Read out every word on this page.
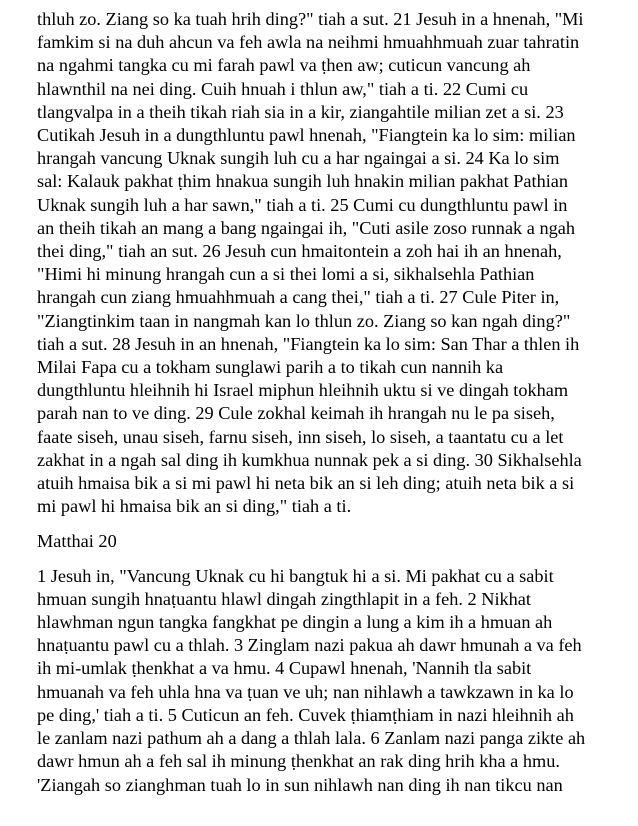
thluh zo. Ziang so ka tuah hrih ding?" tiah a sut. 21 Jesuh in a hnenah, "Mi
famkim si na duh ahcun va feh awla na neihmi hmuahhmuah zuar tahratin
na ngahmi tangka cu mi farah pawl va ṭhen aw; cuticun vancung ah
hlawnthil na nei ding. Cuih hnuah i thlun aw," tiah a ti. 22 Cumi cu
tlangvalpa in a theih tikah riah sia in a kir, ziangahtile milian zet a si. 23
Cutikah Jesuh in a dungthluntu pawl hnenah, "Fiangtein ka lo sim: milian
hrangah vancung Uknak sungih luh cu a har ngaingai a si. 24 Ka lo sim
sal: Kalauk pakhat ṭhim hnakua sungih luh hnakin milian pakhat Pathian
Uknak sungih luh a har sawn," tiah a ti. 25 Cumi cu dungthluntu pawl in
an theih tikah an mang a bang ngaingai ih, "Cuti asile zoso runnak a ngah
thei ding," tiah an sut. 26 Jesuh cun hmaitontein a zoh hai ih an hnenah,
"Himi hi minung hrangah cun a si thei lomi a si, sikhalsehla Pathian
hrangah cun ziang hmuahhmuah a cang thei," tiah a ti. 27 Cule Piter in,
"Ziangtinkim taan in nangmah kan lo thlun zo. Ziang so kan ngah ding?"
tiah a sut. 28 Jesuh in an hnenah, "Fiangtein ka lo sim: San Thar a thlen ih
Milai Fapa cu a tokham sunglawi parih a to tikah cun nannih ka
dungthluntu hleihnih hi Israel miphun hleihnih uktu si ve dingah tokham
parah nan to ve ding. 29 Cule zokhal keimah ih hrangah nu le pa siseh,
faate siseh, unau siseh, farnu siseh, inn siseh, lo siseh, a taantatu cu a let
zakhat in a ngah sal ding ih kumkhua nunnak pek a si ding. 30 Sikhalsehla
atuih hmaisa bik a si mi pawl hi neta bik an si leh ding; atuih neta bik a si
mi pawl hi hmaisa bik an si ding," tiah a ti.

Matthai 20

1 Jesuh in, "Vancung Uknak cu hi bangtuk hi a si. Mi pakhat cu a sabit
hmuan sungih hnaṭuantu hlawl dingah zingthlapit in a feh. 2 Nikhat
hlawhman ngun tangka fangkhat pe dingin a lung a kim ih a hmuan ah
hnaṭuantu pawl cu a thlah. 3 Zinglam nazi pakua ah dawr hmunah a va feh
ih mi-umlak ṭhenkhat a va hmu. 4 Cupawl hnenah, 'Nannih tla sabit
hmuanah va feh uhla hna va ṭuan ve uh; nan nihlawh a tawkzawn in ka lo
pe ding,' tiah a ti. 5 Cuticun an feh. Cuvek ṭhiamṭhiam in nazi hleihnih ah
le zanlam nazi pathum ah a dang a thlah lala. 6 Zanlam nazi panga zikte ah
dawr hmun ah a feh sal ih minung ṭhenkhat an rak ding hrih kha a hmu.
'Ziangah so zianghman tuah lo in sun nihlawh nan ding ih nan tikcu nan
